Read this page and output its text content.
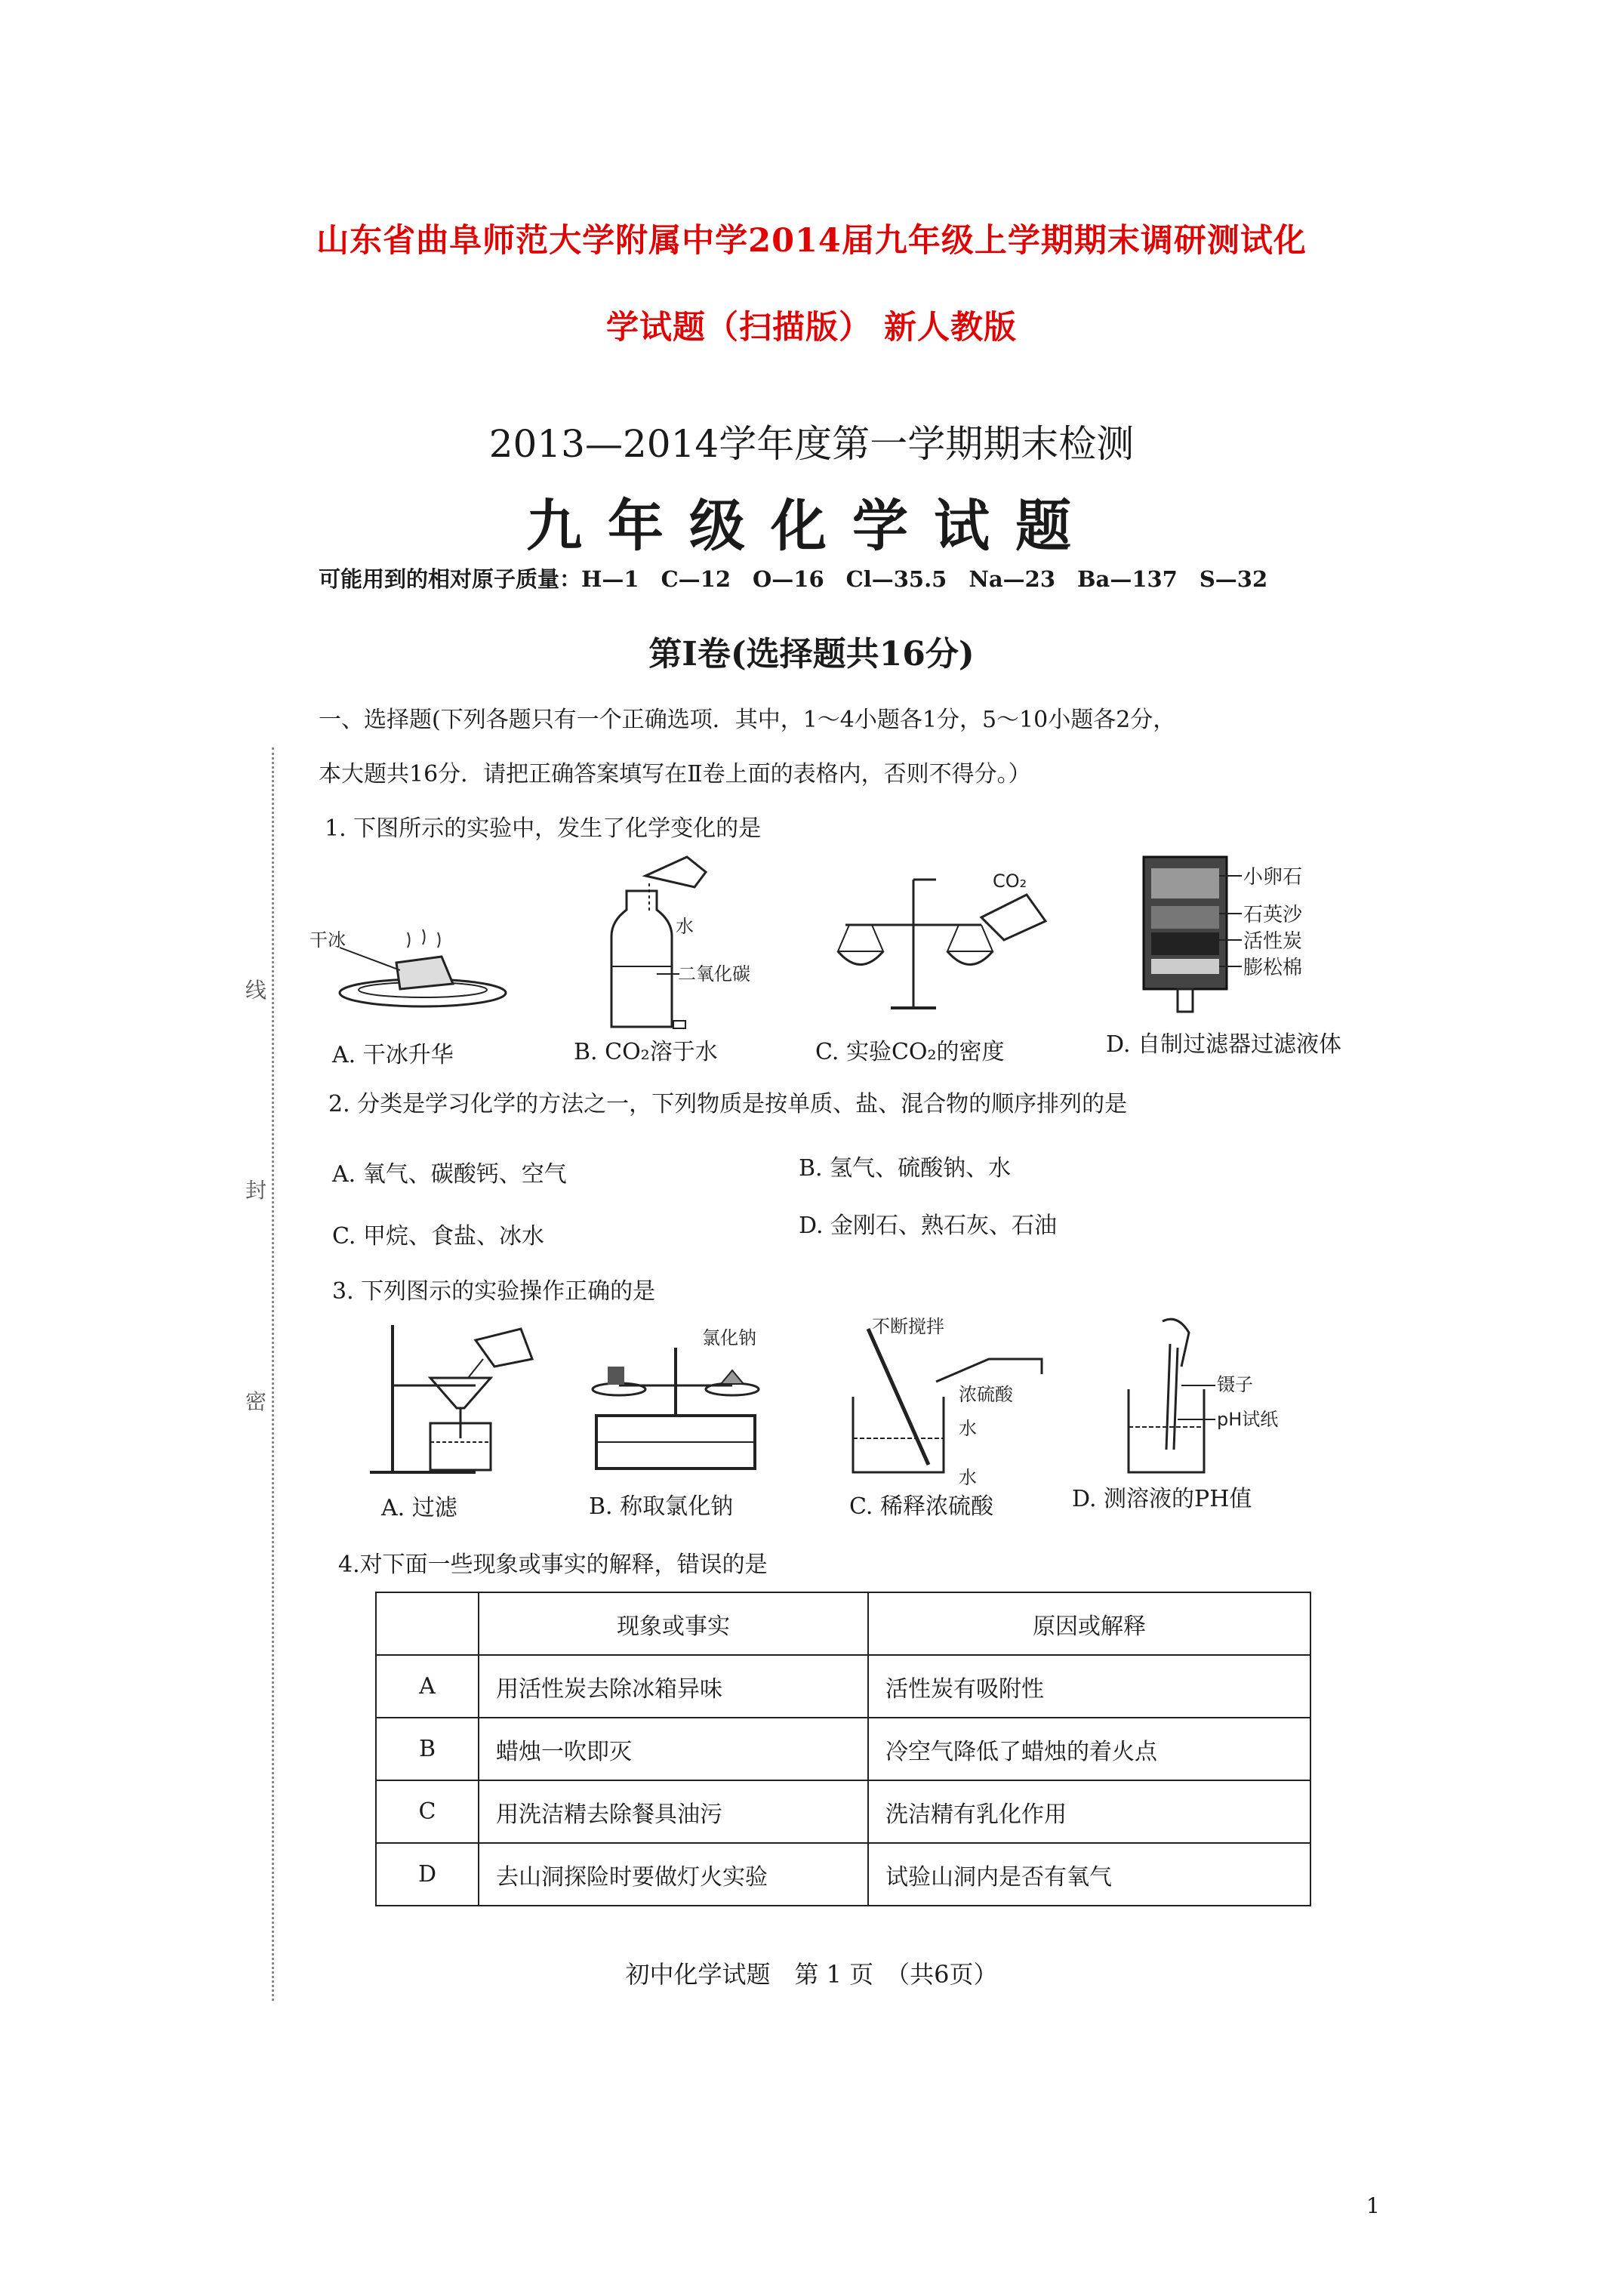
山东省曲阜师范大学附属中学2014届九年级上学期期末调研测试化
学试题（扫描版） 新人教版
2013—2014学年度第一学期期末检测
九年级化学试题
可能用到的相对原子质量：H—1　C—12　O—16　Cl—35.5　Na—23　Ba—137　S—32
第Ⅰ卷(选择题共16分)
一、选择题(下列各题只有一个正确选项．其中，1～4小题各1分，5～10小题各2分，
本大题共16分．请把正确答案填写在Ⅱ卷上面的表格内，否则不得分。）
线
封
密
1. 下图所示的实验中，发生了化学变化的是
干冰
水
二氧化碳
CO₂	小卵石
石英沙
活性炭
膨松棉
A. 干冰升华	B. CO₂溶于水	C. 实验CO₂的密度	D. 自制过滤器过滤液体
2. 分类是学习化学的方法之一，下列物质是按单质、盐、混合物的顺序排列的是
A. 氧气、碳酸钙、空气	B. 氢气、硫酸钠、水
C. 甲烷、食盐、冰水	D. 金刚石、熟石灰、石油
3. 下列图示的实验操作正确的是
氯化钠
不断搅拌
浓硫酸
水
水
镊子
pH试纸
A. 过滤	B. 称取氯化钠	C. 稀释浓硫酸	D. 测溶液的PH值
4.对下面一些现象或事实的解释，错误的是
	现象或事实	原因或解释
A	用活性炭去除冰箱异味	活性炭有吸附性
B	蜡烛一吹即灭	冷空气降低了蜡烛的着火点
C	用洗洁精去除餐具油污	洗洁精有乳化作用
D	去山洞探险时要做灯火实验	试验山洞内是否有氧气
初中化学试题　第 1 页　（共6页）
1
